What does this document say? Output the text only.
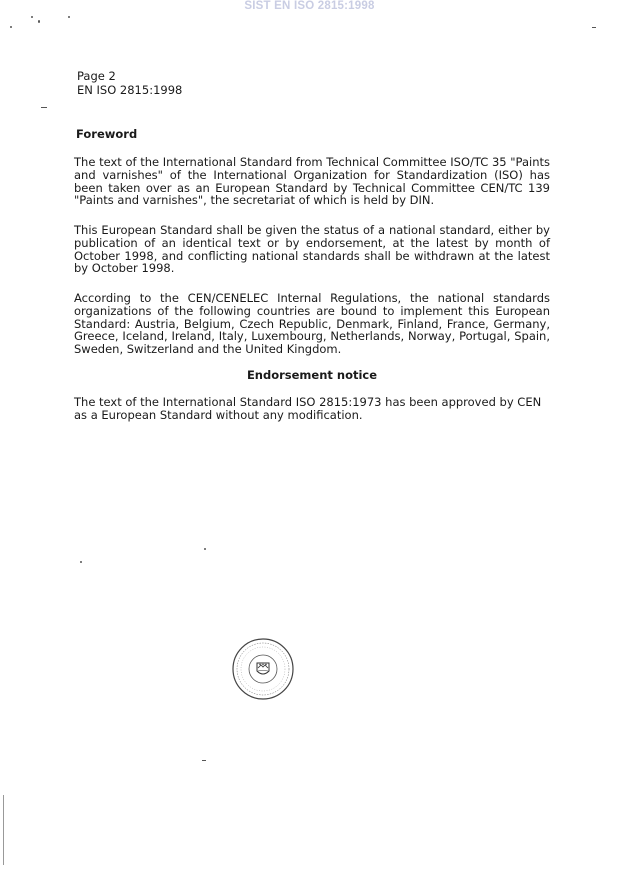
SIST EN ISO 2815:1998
Page 2
EN ISO 2815:1998
Foreword

The text of the International Standard from Technical Committee ISO/TC 35 "Paints and varnishes" of the International Organization for Standardization (ISO) has been taken over as an European Standard by Technical Committee CEN/TC 139 "Paints and varnishes", the secretariat of which is held by DIN.

This European Standard shall be given the status of a national standard, either by publication of an identical text or by endorsement, at the latest by month of October 1998, and conflicting national standards shall be withdrawn at the latest by October 1998.

According to the CEN/CENELEC Internal Regulations, the national standards organizations of the following countries are bound to implement this European Standard: Austria, Belgium, Czech Republic, Denmark, Finland, France, Germany, Greece, Iceland, Ireland, Italy, Luxembourg, Netherlands, Norway, Portugal, Spain, Sweden, Switzerland and the United Kingdom.

Endorsement notice

The text of the International Standard ISO 2815:1973 has been approved by CEN as a European Standard without any modification.
